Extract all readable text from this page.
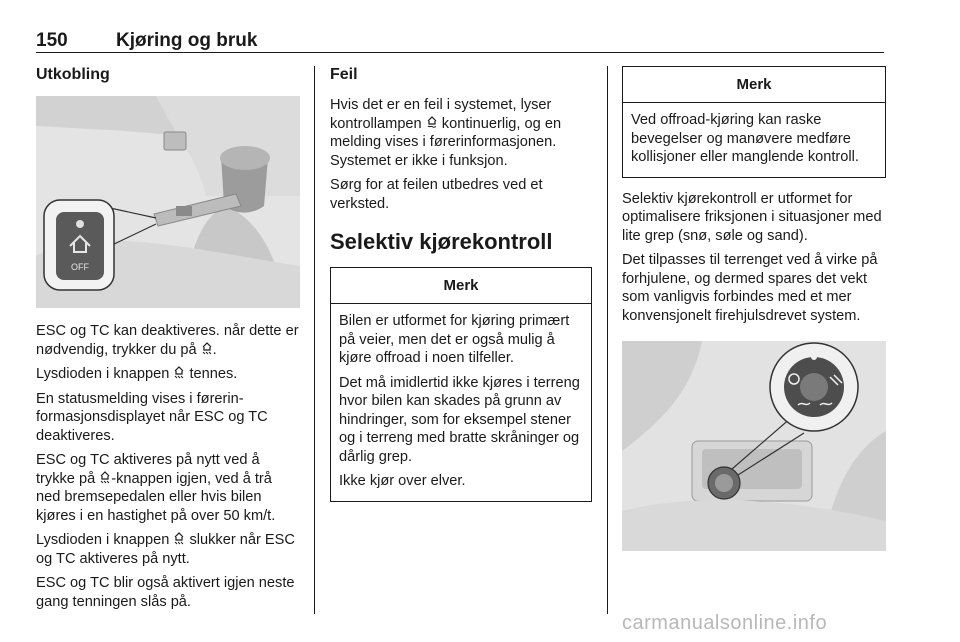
150	Kjøring og bruk
Utkobling
OFF

ESC og TC kan deaktiveres. når dette er nødvendig, trykker du på .

Lysdioden i knappen  tennes.

En statusmelding vises i førerinformasjonsdisplayet når ESC og TC deaktiveres.

ESC og TC aktiveres på nytt ved å trykke på -knappen igjen, ved å trå ned bremsepedalen eller hvis bilen kjøres i en hastighet på over 50 km/t.

Lysdioden i knappen  slukker når ESC og TC aktiveres på nytt.

ESC og TC blir også aktivert igjen neste gang tenningen slås på.

Feil

Hvis det er en feil i systemet, lyser kontrollampen  kontinuerlig, og en melding vises i førerinformasjonen. Systemet er ikke i funksjon.

Sørg for at feilen utbedres ved et verksted.

Selektiv kjørekontroll
Merk

Bilen er utformet for kjøring primært på veier, men det er også mulig å kjøre offroad i noen tilfeller.

Det må imidlertid ikke kjøres i terreng hvor bilen kan skades på grunn av hindringer, som for eksempel stener og i terreng med bratte skråninger og dårlig grep.

Ikke kjør over elver.

Merk

Ved offroad-kjøring kan raske bevegelser og manøvere medføre kollisjoner eller manglende kontroll.

Selektiv kjørekontroll er utformet for optimalisere friksjonen i situasjoner med lite grep (snø, søle og sand).

Det tilpasses til terrenget ved å virke på forhjulene, og dermed spares det vekt som vanligvis forbindes med et mer konvensjonelt firehjulsdrevet system.

carmanualsonline.info
